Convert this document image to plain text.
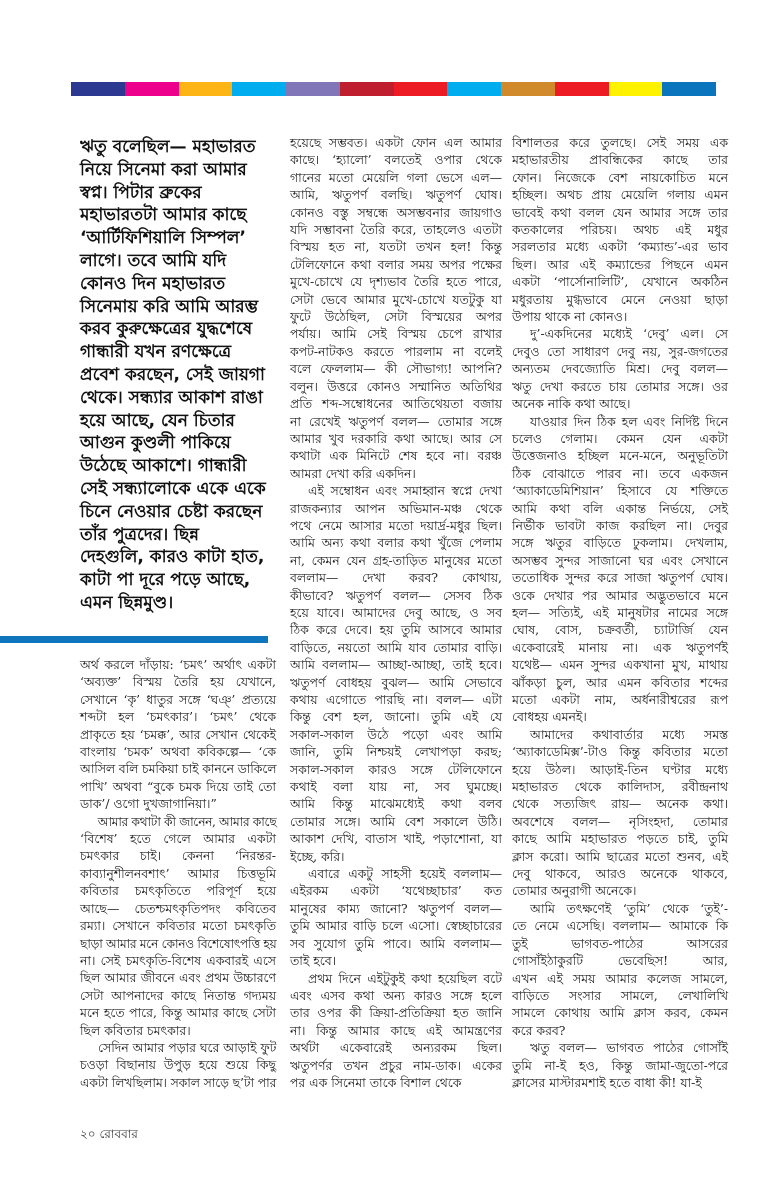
ঋতু বলেছিল— মহাভারত
নিয়ে সিনেমা করা আমার
স্বপ্ন। পিটার ব্রুকের
মহাভারতটা আমার কাছে
‘আর্টিফিশিয়ালি সিম্পল’
লাগে। তবে আমি যদি
কোনও দিন মহাভারত
সিনেমায় করি আমি আরম্ভ
করব কুরুক্ষেত্রের যুদ্ধশেষে
গান্ধারী যখন রণক্ষেত্রে
প্রবেশ করছেন, সেই জায়গা
থেকে। সন্ধ্যার আকাশ রাঙা
হয়ে আছে, যেন চিতার
আগুন কুণ্ডলী পাকিয়ে
উঠেছে আকাশে। গান্ধারী
সেই সন্ধ্যালোকে একে একে
চিনে নেওয়ার চেষ্টা করছেন
তাঁর পুত্রদের। ছিন্ন
দেহগুলি, কারও কাটা হাত,
কাটা পা দূরে পড়ে আছে,
এমন ছিন্নমুণ্ড।
অর্থ করলে দাঁড়ায়: ‘চমৎ’ অর্থাৎ একটা
‘অব্যক্ত’ বিস্ময় তৈরি হয় যেখানে,
সেখানে ‘কৃ’ ধাতুর সঙ্গে ‘ঘঞ্’ প্রত্যয়ে
শব্দটা হল ‘চমৎকার’। ‘চমৎ’ থেকে
প্রাকৃতে হয় ‘চমক্ক’, আর সেখান থেকেই
বাংলায় ‘চমক’ অথবা কবিকল্পে— ‘কে
আসিল বলি চমকিয়া চাই কাননে ডাকিলে
পাখি’ অথবা “বুকে চমক দিয়ে তাই তো
ডাক’/ ওগো দুখজাগানিয়া।”
আমার কথাটা কী জানেন, আমার কাছে
‘বিশেষ’ হতে গেলে আমার একটা
চমৎকার চাই। কেননা ‘নিরন্তর-
কাব্যানুশীলনবশাৎ’ আমার চিত্তভূমি
কবিতার চমৎকৃতিতে পরিপূর্ণ হয়ে
আছে— চেতশ্চমৎকৃতিপদং কবিতেব
রম্যা। সেখানে কবিতার মতো চমৎকৃতি
ছাড়া আমার মনে কোনও বিশেষোৎপত্তি হয়
না। সেই চমৎকৃতি-বিশেষ একবারই এসে
ছিল আমার জীবনে এবং প্রথম উচ্চারণে
সেটা আপনাদের কাছে নিতান্ত গদ্যময়
মনে হতে পারে, কিন্তু আমার কাছে সেটা
ছিল কবিতার চমৎকার।
সেদিন আমার পড়ার ঘরে আড়াই ফুট
চওড়া বিছানায় উপুড় হয়ে শুয়ে কিছু
একটা লিখছিলাম। সকাল সাড়ে ছ’টা পার
হয়েছে সম্ভবত। একটা ফোন এল আমার
কাছে। ‘হ্যালো’ বলতেই ওপার থেকে
গানের মতো মেয়েলি গলা ভেসে এল—
আমি, ঋতুপর্ণ বলছি। ঋতুপর্ণ ঘোষ।
কোনও বস্তু সম্বন্ধে অসম্ভবনার জায়গাও
যদি সম্ভাবনা তৈরি করে, তাহলেও এতটা
বিস্ময় হত না, যতটা তখন হল! কিন্তু
টেলিফোনে কথা বলার সময় অপর পক্ষের
মুখে-চোখে যে দৃশ্যভাব তৈরি হতে পারে,
সেটা ভেবে আমার মুখে-চোখে যতটুকু যা
ফুটে উঠেছিল, সেটা বিস্ময়ের অপর
পর্যায়। আমি সেই বিস্ময় চেপে রাখার
কপট-নাটকও করতে পারলাম না বলেই
বলে ফেললাম— কী সৌভাগ্য! আপনি?
বলুন। উত্তরে কোনও সম্মানিত অতিথির
প্রতি শব্দ-সম্বোধনের আতিথেয়তা বজায়
না রেখেই ঋতুপর্ণ বলল— তোমার সঙ্গে
আমার খুব দরকারি কথা আছে। আর সে
কথাটা এক মিনিটে শেষ হবে না। বরঞ্চ
আমরা দেখা করি একদিন।
এই সম্বোধন এবং সমাহ্বান স্বপ্নে দেখা
রাজকন্যার আপন অভিমান-মঞ্চ থেকে
পথে নেমে আসার মতো দয়ার্দ্র-মধুর ছিল।
আমি অন্য কথা বলার কথা খুঁজে পেলাম
না, কেমন যেন গ্রহ-তাড়িত মানুষের মতো
বললাম— দেখা করব? কোথায়,
কীভাবে? ঋতুপর্ণ বলল— সেসব ঠিক
হয়ে যাবে। আমাদের দেবু আছে, ও সব
ঠিক করে দেবে। হয় তুমি আসবে আমার
বাড়িতে, নয়তো আমি যাব তোমার বাড়ি।
আমি বললাম— আচ্ছা-আচ্ছা, তাই হবে।
ঋতুপর্ণ বোধহয় বুঝল— আমি সেভাবে
কথায় এগোতে পারছি না। বলল— এটা
কিন্তু বেশ হল, জানো। তুমি এই যে
সকাল-সকাল উঠে পড়ো এবং আমি
জানি, তুমি নিশ্চয়ই লেখাপড়া করছ;
সকাল-সকাল কারও সঙ্গে টেলিফোনে
কথাই বলা যায় না, সব ঘুমচ্ছে।
আমি কিন্তু মাঝেমধ্যেই কথা বলব
তোমার সঙ্গে। আমি বেশ সকালে উঠি।
আকাশ দেখি, বাতাস খাই, পড়াশোনা, যা
ইচ্ছে, করি।
এবারে একটু সাহসী হয়েই বললাম—
এইরকম একটা ‘যথেচ্ছাচার’ কত
মানুষের কাম্য জানো? ঋতুপর্ণ বলল—
তুমি আমার বাড়ি চলে এসো। স্বেচ্ছাচারের
সব সুযোগ তুমি পাবে। আমি বললাম—
তাই হবে।
প্রথম দিনে এইটুকুই কথা হয়েছিল বটে
এবং এসব কথা অন্য কারও সঙ্গে হলে
তার ওপর কী ক্রিয়া-প্রতিক্রিয়া হত জানি
না। কিন্তু আমার কাছে এই আমন্ত্রণের
অর্থটা একেবারেই অন্যরকম ছিল।
ঋতুপর্ণর তখন প্রচুর নাম-ডাক। একের
পর এক সিনেমা তাকে বিশাল থেকে
বিশালতর করে তুলছে। সেই সময় এক
মহাভারতীয় প্রাবন্ধিকের কাছে তার
ফোন। নিজেকে বেশ নায়কোচিত মনে
হচ্ছিল। অথচ প্রায় মেয়েলি গলায় এমন
ভাবেই কথা বলল যেন আমার সঙ্গে তার
কতকালের পরিচয়। অথচ এই মধুর
সরলতার মধ্যে একটা ‘কম্যান্ড’-এর ভাব
ছিল। আর এই কম্যান্ডের পিছনে এমন
একটা ‘পার্সোনালিটি’, যেখানে অকঠিন
মধুরতায় মুগ্ধভাবে মেনে নেওয়া ছাড়া
উপায় থাকে না কোনও।
দু’-একদিনের মধ্যেই ‘দেবু’ এল। সে
দেবুও তো সাধারণ দেবু নয়, সুর-জগতের
অন্যতম দেবজ্যোতি মিশ্র। দেবু বলল—
ঋতু দেখা করতে চায় তোমার সঙ্গে। ওর
অনেক নাকি কথা আছে।
যাওয়ার দিন ঠিক হল এবং নির্দিষ্ট দিনে
চলেও গেলাম। কেমন যেন একটা
উত্তেজনাও হচ্ছিল মনে-মনে, অনুভূতিটা
ঠিক বোঝাতে পারব না। তবে একজন
‘অ্যাকাডেমিশিয়ান’ হিসাবে যে শক্তিতে
আমি কথা বলি একান্ত নির্ভয়ে, সেই
নির্ভীক ভাবটা কাজ করছিল না। দেবুর
সঙ্গে ঋতুর বাড়িতে ঢুকলাম। দেখলাম,
অসম্ভব সুন্দর সাজানো ঘর এবং সেখানে
ততোধিক সুন্দর করে সাজা ঋতুপর্ণ ঘোষ।
ওকে দেখার পর আমার অদ্ভুতভাবে মনে
হল— সত্যিই, এই মানুষটার নামের সঙ্গে
ঘোষ, বোস, চক্রবর্তী, চ্যাটার্জি যেন
একেবারেই মানায় না। এক ঋতুপর্ণই
যথেষ্ট— এমন সুন্দর একখানা মুখ, মাথায়
ঝাঁকড়া চুল, আর এমন কবিতার শব্দের
মতো একটা নাম, অর্ধনারীশ্বরের রূপ
বোধহয় এমনই।
আমাদের কথাবার্তার মধ্যে সমস্ত
‘অ্যাকাডেমিক্স’-টাও কিন্তু কবিতার মতো
হয়ে উঠল। আড়াই-তিন ঘণ্টার মধ্যে
মহাভারত থেকে কালিদাস, রবীন্দ্রনাথ
থেকে সত্যজিৎ রায়— অনেক কথা।
অবশেষে বলল— নৃসিংহদা, তোমার
কাছে আমি মহাভারত পড়তে চাই, তুমি
ক্লাস করো। আমি ছাত্রের মতো শুনব, এই
দেবু থাকবে, আরও অনেকে থাকবে,
তোমার অনুরাগী অনেকে।
আমি তৎক্ষণেই ‘তুমি’ থেকে ‘তুই’-
তে নেমে এসেছি। বললাম— আমাকে কি
তুই ভাগবত-পাঠের আসরের
গোসাঁইঠাকুরটি ভেবেছিস! আর,
এখন এই সময় আমার কলেজ সামলে,
বাড়িতে সংসার সামলে, লেখালিখি
সামলে কোথায় আমি ক্লাস করব, কেমন
করে করব?
ঋতু বলল— ভাগবত পাঠের গোসাঁই
তুমি না-ই হও, কিন্তু জামা-জুতো-পরে
ক্লাসের মাস্টারমশাই হতে বাধা কী! যা-ই
২০ রোববার
